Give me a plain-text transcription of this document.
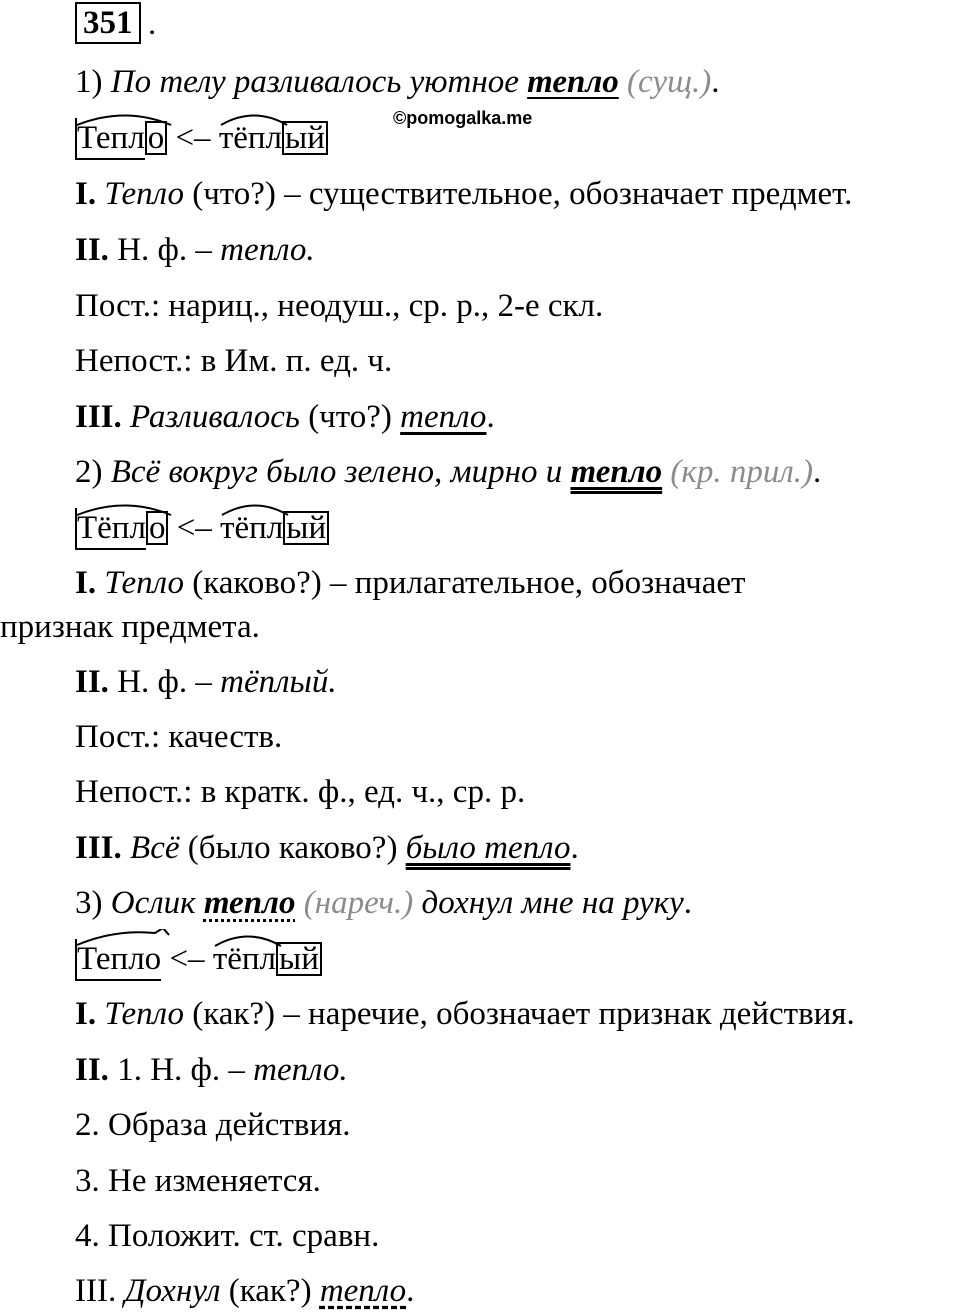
351 .
©pomogalka.me
1) По телу разливалось уютное тепло (сущ.).
Тепло <– тёплый
I. Тепло (что?) – существительное, обозначает предмет.
II. Н. ф. – тепло.
Пост.: нариц., неодуш., ср. р., 2-е скл.
Непост.: в Им. п. ед. ч.
III. Разливалось (что?) тепло.
2) Всё вокруг было зелено, мирно и тепло (кр. прил.).
Тёпло <– тёплый
I. Тепло (каково?) – прилагательное, обозначает
признак предмета.
II. Н. ф. – тёплый.
Пост.: качеств.
Непост.: в кратк. ф., ед. ч., ср. р.
III. Всё (было каково?) было тепло.
3) Ослик тепло (нареч.) дохнул мне на руку.
Тепло <– тёплый
I. Тепло (как?) – наречие, обозначает признак действия.
II. 1. Н. ф. – тепло.
2. Образа действия.
3. Не изменяется.
4. Положит. ст. сравн.
III. Дохнул (как?) тепло.
